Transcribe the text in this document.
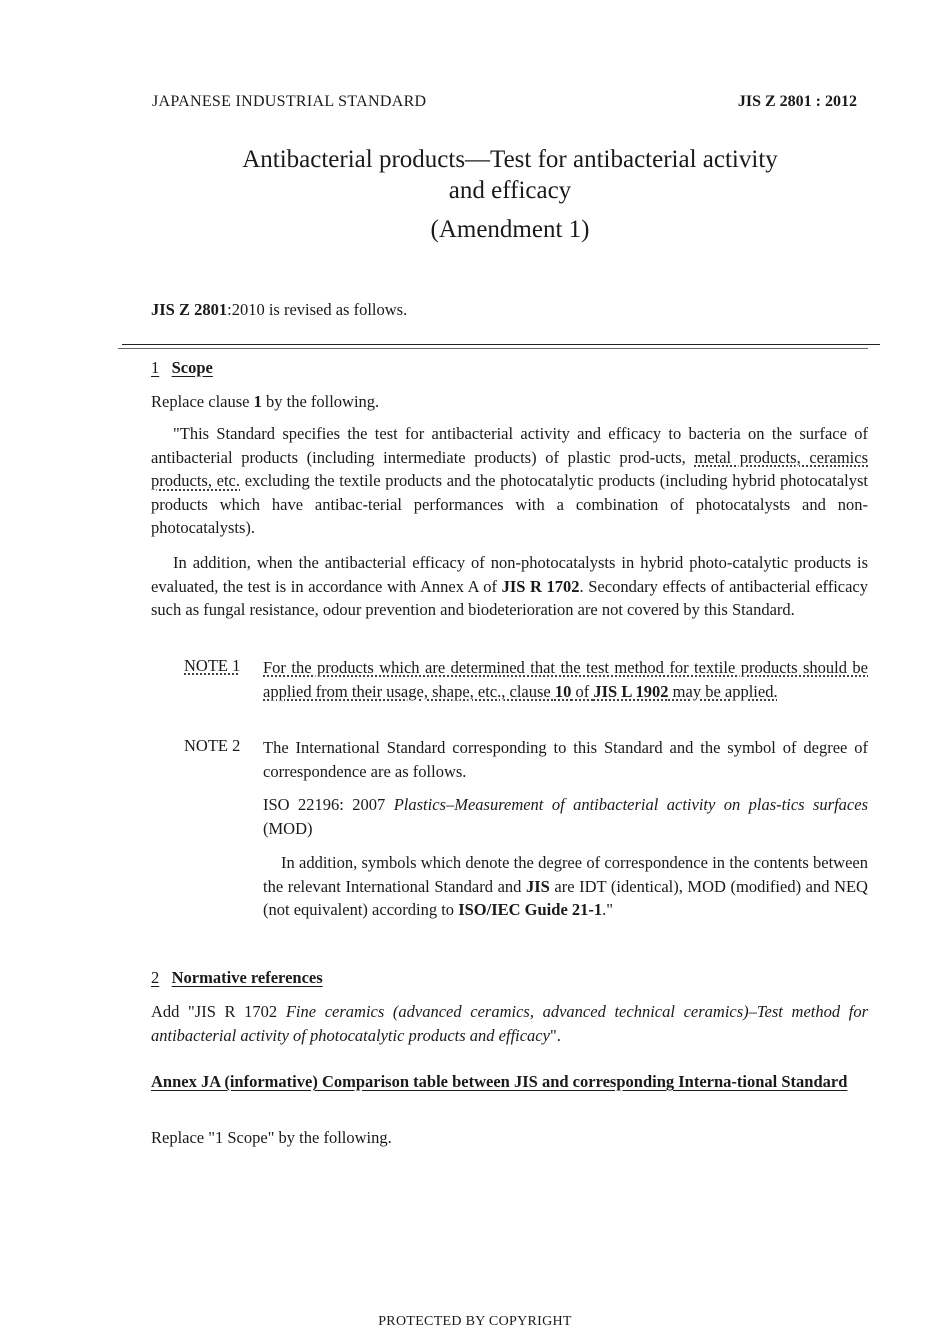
JAPANESE INDUSTRIAL STANDARD	JIS Z 2801 : 2012
Antibacterial products—Test for antibacterial activity
and efficacy
(Amendment 1)
JIS Z 2801:2010 is revised as follows.
1 Scope
Replace clause 1 by the following.
"This Standard specifies the test for antibacterial activity and efficacy to bacteria on the surface of antibacterial products (including intermediate products) of plastic prod-ucts, metal products, ceramics products, etc. excluding the textile products and the photocatalytic products (including hybrid photocatalyst products which have antibac-terial performances with a combination of photocatalysts and non-photocatalysts).
In addition, when the antibacterial efficacy of non-photocatalysts in hybrid photo-catalytic products is evaluated, the test is in accordance with Annex A of JIS R 1702. Secondary effects of antibacterial efficacy such as fungal resistance, odour prevention and biodeterioration are not covered by this Standard.
NOTE 1 For the products which are determined that the test method for textile products should be applied from their usage, shape, etc., clause 10 of JIS L 1902 may be applied.
NOTE 2 The International Standard corresponding to this Standard and the symbol of degree of correspondence are as follows.
ISO 22196: 2007 Plastics–Measurement of antibacterial activity on plas-tics surfaces (MOD)
In addition, symbols which denote the degree of correspondence in the contents between the relevant International Standard and JIS are IDT (identical), MOD (modified) and NEQ (not equivalent) according to ISO/IEC Guide 21-1."
2 Normative references
Add "JIS R 1702 Fine ceramics (advanced ceramics, advanced technical ceramics)–Test method for antibacterial activity of photocatalytic products and efficacy".
Annex JA (informative) Comparison table between JIS and corresponding Interna-tional Standard
Replace "1 Scope" by the following.
PROTECTED BY COPYRIGHT
